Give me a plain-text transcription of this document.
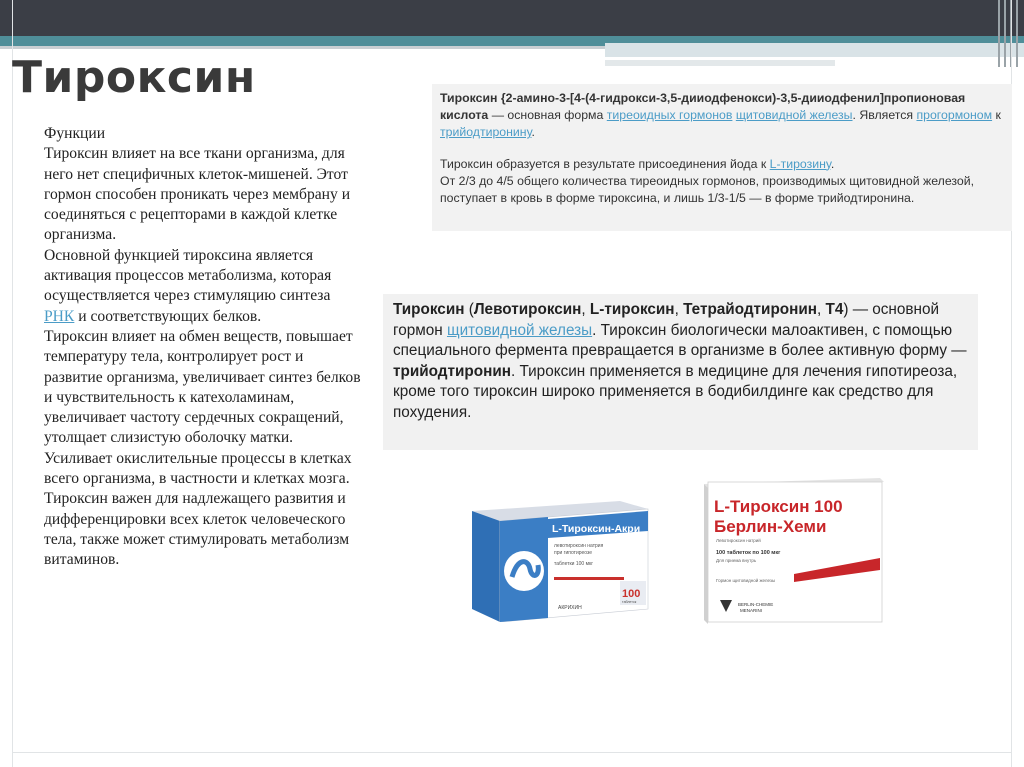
Тироксин

Функции

Тироксин влияет на все ткани организма, для него нет специфичных клеток-мишеней. Этот гормон способен проникать через мембрану и соединяться с рецепторами в каждой клетке организма.

Основной функцией тироксина является активация процессов метаболизма, которая осуществляется через стимуляцию синтеза РНК и соответствующих белков.

Тироксин влияет на обмен веществ, повышает температуру тела, контролирует рост и развитие организма, увеличивает синтез белков и чувствительность к катехоламинам, увеличивает частоту сердечных сокращений, утолщает слизистую оболочку матки.

Усиливает окислительные процессы в клетках всего организма, в частности и клетках мозга.

Тироксин важен для надлежащего развития и дифференцировки всех клеток человеческого тела, также может стимулировать метаболизм витаминов.

Тироксин {2-амино-3-[4-(4-гидрокси-3,5-дииодфенокси)-3,5-дииодфенил]пропионовая кислота — основная форма тиреоидных гормонов щитовидной железы. Является прогормоном к трийодтиронину.

Тироксин образуется в результате присоединения йода к L-тирозину.
От 2/3 до 4/5 общего количества тиреоидных гормонов, производимых щитовидной железой, поступает в кровь в форме тироксина, и лишь 1/3-1/5 — в форме трийодтиронина.

Тироксин (Левотироксин, L-тироксин, Тетрайодтиронин, Т4) — основной гормон щитовидной железы. Тироксин биологически малоактивен, с помощью специального фермента превращается в организме в более активную форму — трийодтиронин. Тироксин применяется в медицине для лечения гипотиреоза, кроме того тироксин широко применяется в бодибилдинге как средство для похудения.

L-Тироксин-Акри
левотироксин натрия
при гипотиреозе
таблетки 100 мкг
АКРИХИН
100
таблеток
L-Тироксин 100
Берлин-Хеми
Левотироксин натрий
100 таблеток по 100 мкг
Для приема внутрь
Гормон щитовидной железы
BERLIN-CHEMIE
MENARINI
